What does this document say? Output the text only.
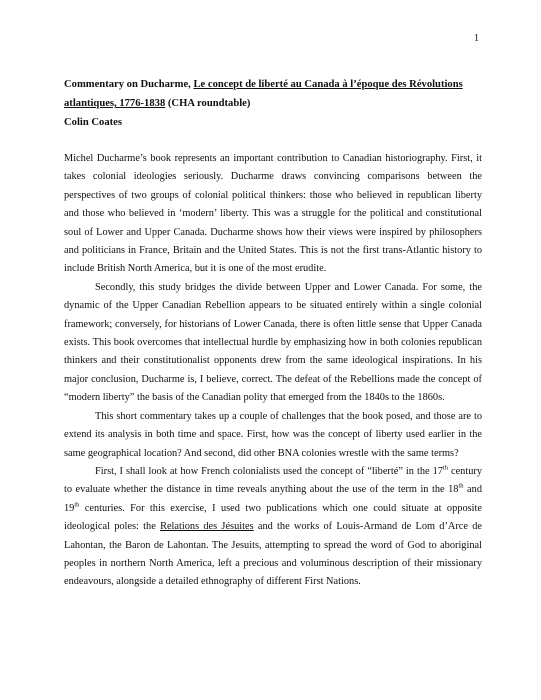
1
Commentary on Ducharme, Le concept de liberté au Canada à l’époque des Révolutions atlantiques, 1776-1838 (CHA roundtable)
Colin Coates

Michel Ducharme’s book represents an important contribution to Canadian historiography. First, it takes colonial ideologies seriously. Ducharme draws convincing comparisons between the perspectives of two groups of colonial political thinkers: those who believed in republican liberty and those who believed in ‘modern’ liberty. This was a struggle for the political and constitutional soul of Lower and Upper Canada. Ducharme shows how their views were inspired by philosophers and politicians in France, Britain and the United States. This is not the first trans-Atlantic history to include British North America, but it is one of the most erudite.

Secondly, this study bridges the divide between Upper and Lower Canada. For some, the dynamic of the Upper Canadian Rebellion appears to be situated entirely within a single colonial framework; conversely, for historians of Lower Canada, there is often little sense that Upper Canada exists. This book overcomes that intellectual hurdle by emphasizing how in both colonies republican thinkers and their constitutionalist opponents drew from the same ideological inspirations. In his major conclusion, Ducharme is, I believe, correct. The defeat of the Rebellions made the concept of “modern liberty” the basis of the Canadian polity that emerged from the 1840s to the 1860s.

This short commentary takes up a couple of challenges that the book posed, and those are to extend its analysis in both time and space. First, how was the concept of liberty used earlier in the same geographical location? And second, did other BNA colonies wrestle with the same terms?

First, I shall look at how French colonialists used the concept of “liberté” in the 17th century to evaluate whether the distance in time reveals anything about the use of the term in the 18th and 19th centuries. For this exercise, I used two publications which one could situate at opposite ideological poles: the Relations des Jésuites and the works of Louis-Armand de Lom d’Arce de Lahontan, the Baron de Lahontan. The Jesuits, attempting to spread the word of God to aboriginal peoples in northern North America, left a precious and voluminous description of their missionary endeavours, alongside a detailed ethnography of different First Nations.
